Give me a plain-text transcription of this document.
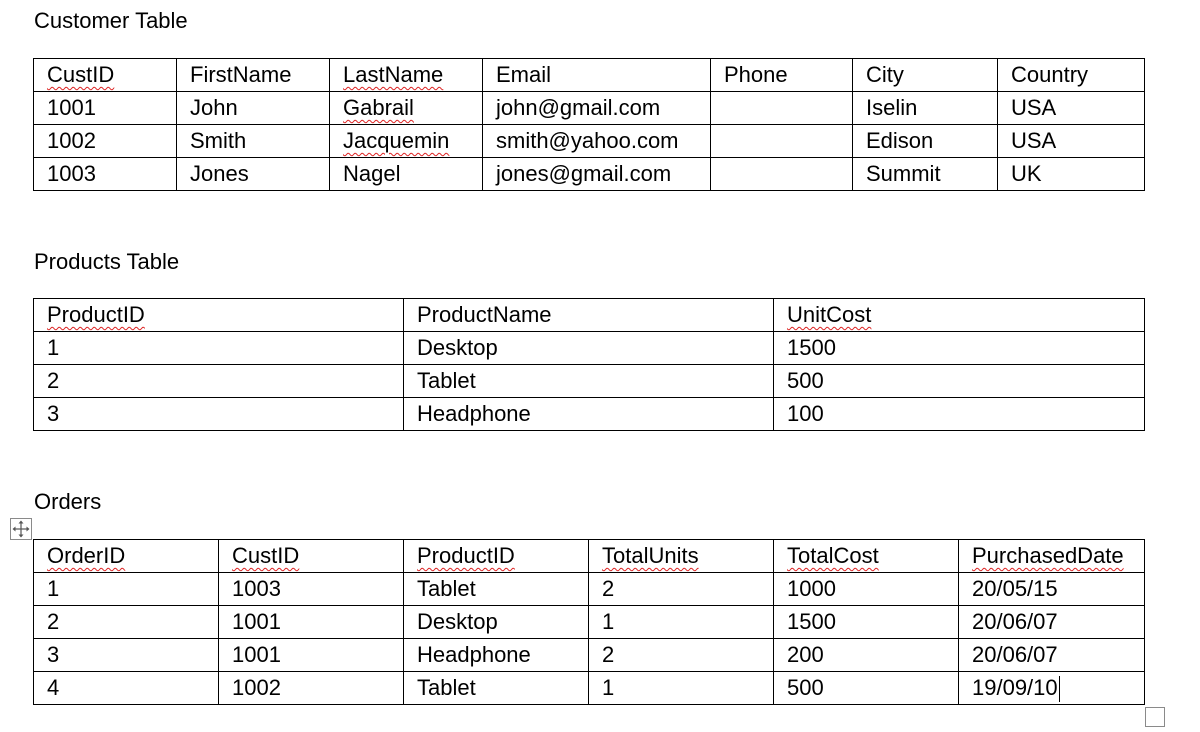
Customer Table
CustID	FirstName	LastName	Email	Phone	City	Country
1001	John	Gabrail	john@gmail.com		Iselin	USA
1002	Smith	Jacquemin	smith@yahoo.com		Edison	USA
1003	Jones	Nagel	jones@gmail.com		Summit	UK
Products Table
ProductID	ProductName	UnitCost
1	Desktop	1500
2	Tablet	500
3	Headphone	100
Orders
OrderID	CustID	ProductID	TotalUnits	TotalCost	PurchasedDate
1	1003	Tablet	2	1000	20/05/15
2	1001	Desktop	1	1500	20/06/07
3	1001	Headphone	2	200	20/06/07
4	1002	Tablet	1	500	19/09/10
